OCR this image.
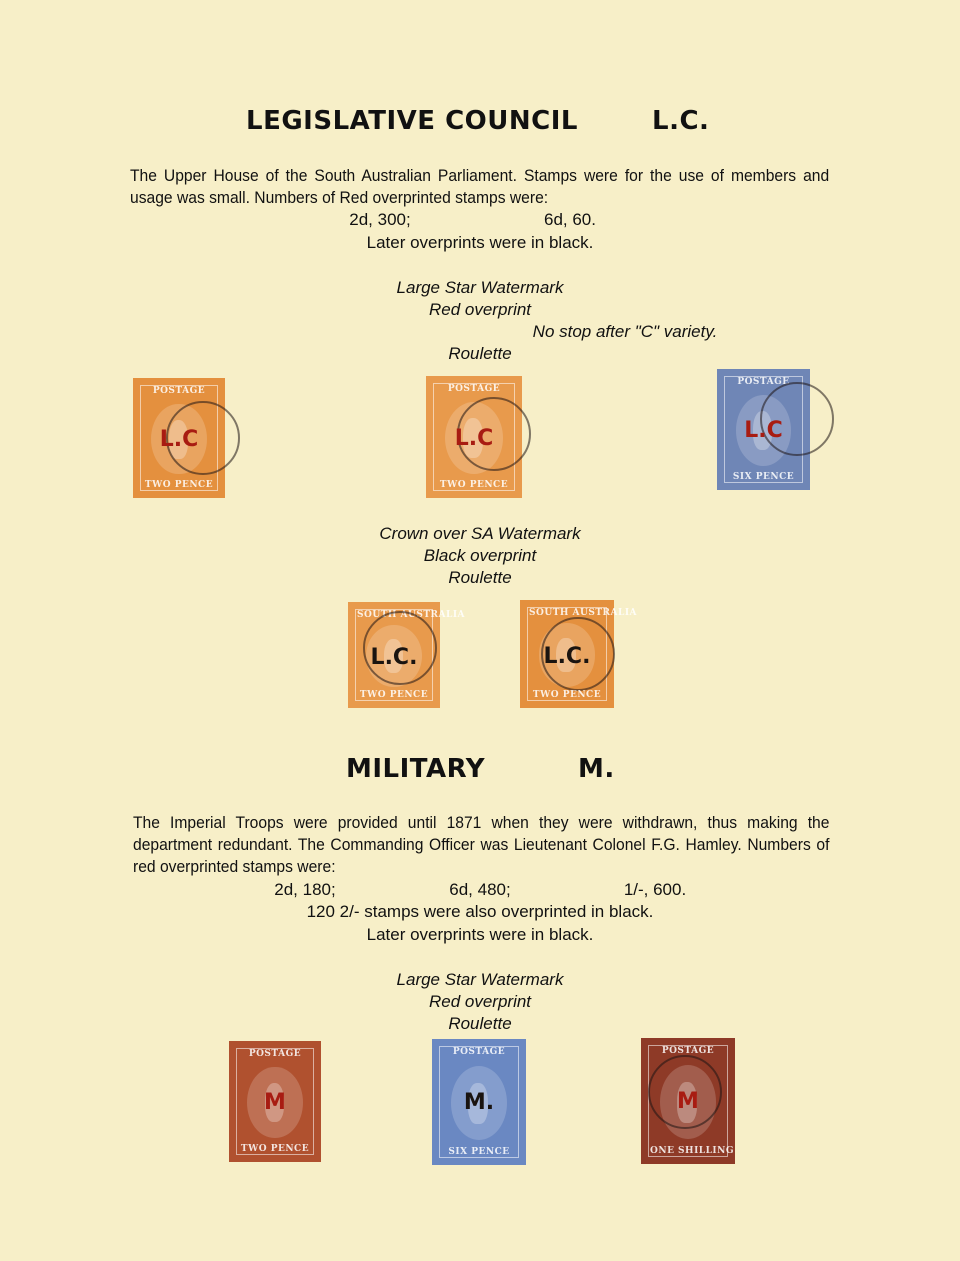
LEGISLATIVE COUNCIL	L.C.
The Upper House of the South Australian Parliament. Stamps were for the use of members and usage was small. Numbers of Red overprinted stamps were:
2d, 300;	6d, 60.
Later overprints were in black.
Large Star Watermark
Red overprint
No stop after "C" variety.
Roulette
POSTAGE
L.C
TWO PENCE
POSTAGE
L.C
TWO PENCE
POSTAGE
L.C
SIX PENCE
Crown over SA Watermark
Black overprint
Roulette
SOUTH AUSTRALIA
L.C.
TWO PENCE
SOUTH AUSTRALIA
L.C.
TWO PENCE
MILITARY	M.
The Imperial Troops were provided until 1871 when they were withdrawn, thus making the department redundant. The Commanding Officer was Lieutenant Colonel F.G. Hamley. Numbers of red overprinted stamps were:
2d, 180;	6d, 480;	1/-, 600.
120 2/- stamps were also overprinted in black.
Later overprints were in black.
Large Star Watermark
Red overprint
Roulette
POSTAGE
M
TWO PENCE
POSTAGE
M.
SIX PENCE
POSTAGE
M
ONE SHILLING
